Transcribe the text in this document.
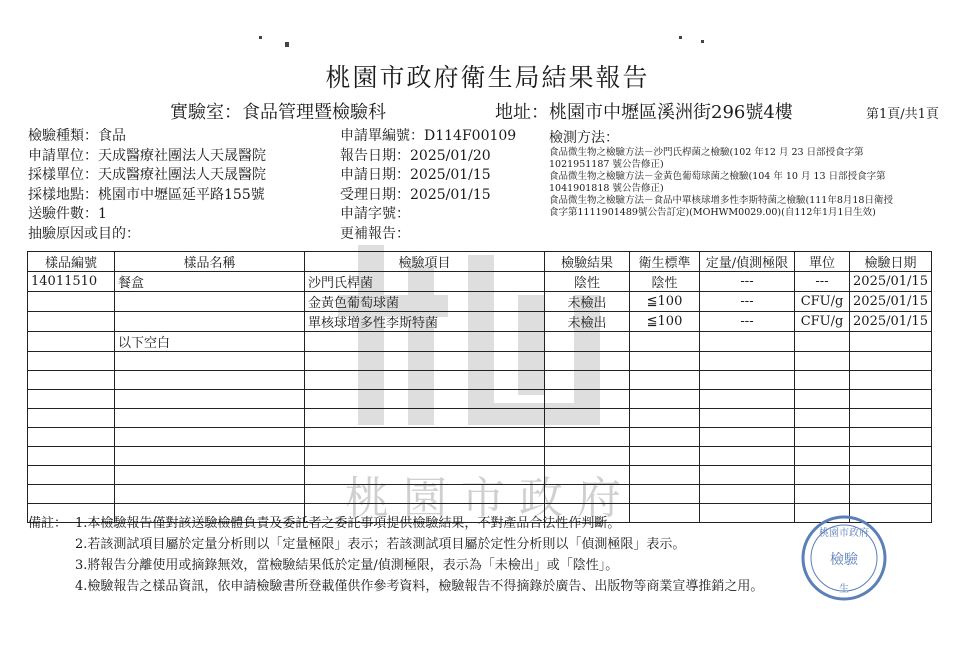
桃園市政府
桃園市政府衛生局結果報告
實驗室：食品管理暨檢驗科	地址：桃園市中壢區溪洲街296號4樓	第1頁/共1頁
檢驗種類：食品
申請單位：天成醫療社團法人天晟醫院
採樣單位：天成醫療社團法人天晟醫院
採樣地點：桃園市中壢區延平路155號
送驗件數：1
抽驗原因或目的：
申請單編號：D114F00109
報告日期：2025/01/20
申請日期：2025/01/15
受理日期：2025/01/15
申請字號：
更補報告：
檢測方法：
食品微生物之檢驗方法－沙門氏桿菌之檢驗(102 年12 月 23 日部授食字第
1021951187 號公告修正)
食品微生物之檢驗方法－金黃色葡萄球菌之檢驗(104 年 10 月 13 日部授食字第
1041901818 號公告修正)
食品微生物之檢驗方法－食品中單核球增多性李斯特菌之檢驗(111年8月18日衛授
食字第1111901489號公告訂定)(MOHWM0029.00)(自112年1月1日生效)
樣品編號	樣品名稱	檢驗項目	檢驗結果	衛生標準	定量/偵測極限	單位	檢驗日期
14011510	餐盒	沙門氏桿菌	陰性	陰性	---	---	2025/01/15
		金黃色葡萄球菌	未檢出	≦100	---	CFU/g	2025/01/15
		單核球增多性李斯特菌	未檢出	≦100	---	CFU/g	2025/01/15
	以下空白						

備註： 1.本檢驗報告僅對該送驗檢體負責及委託者之委託事項提供檢驗結果，不對產品合法性作判斷。
2.若該測試項目屬於定量分析則以「定量極限」表示；若該測試項目屬於定性分析則以「偵測極限」表示。
3.將報告分離使用或摘錄無效，當檢驗結果低於定量/偵測極限，表示為「未檢出」或「陰性」。
4.檢驗報告之樣品資訊，依申請檢驗書所登載僅供作參考資料，檢驗報告不得摘錄於廣告、出版物等商業宣導推銷之用。
桃園市政府
檢驗
生
